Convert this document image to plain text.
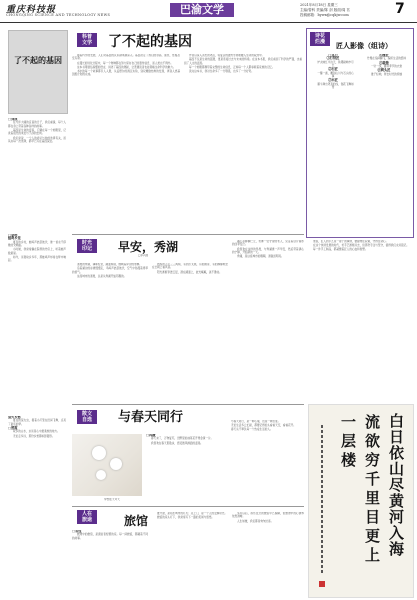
重庆科技报
CHONGQING SCIENCE AND TECHNOLOGY NEWS	巴渝文学	2021年8月18日 星期三
主编/曾科 责编/陈 剑 版面/周 茗
投稿邮箱：bywx@cqkjw.com	7
了不起的基因
□刘成

在与伴大嗓的宜昌的日子，我们重逢，每个人都在身上带着各种各样的故事。

基因是生命的密码，它藏在每一个细胞里，记录着祖先的来处与子孙的去向。

我们常说，一个人的命运与他的选择有关，而其实每一次选择，都早已写在基因深处。

科普
文学	了不起的基因

随着科学的发展，人们对基因的认识越来越深入。基因决定了我们的身高、肤色、性格甚至寿命。

在漫长的进化过程中，每一个物种都在努力保存自己的遗传信息，而人类也不例外。

这本书用通俗易懂的语言，讲述了基因的奥秘，让普通读者也能领略生命科学的魅力。

书中的每一个故事都引人入胜，从孟德尔的豌豆实验，到双螺旋结构的发现，再到人类基因组计划的完成。

作者以深入浅出的笔法，将复杂的遗传学原理融入生动的叙述中。

基因不仅是生命的蓝图，更是连接过去与未来的桥梁。在这本书里，我们看到了科学的严谨，也看到了人文的温度。

每一个细胞都携带着完整的生命信息，正如每一个人都承载着家族的记忆。

读完这本书，我对生命多了一分敬畏，也多了一分好奇。

诗花
烂漫	匠人影像（组诗）
□邓力
①打铁匠

炉火映红半边天，铁锤敲响岁月长

②石匠

一錾一凿，雕刻山川与石头的心事

③木匠

墨斗弹出笔直的线，刨花飞舞如雪

④篾匠

竹篾在指间翻飞，编织生活的经纬

⑤裁缝

一针一线，缝补季节的衣裳

⑥剃头匠

推子轻响，剪去时光的烦恼

时光
印记	早安，秀湖
□李兴国

清晨的秀湖，薄雾轻笼，湖面如镜，倒映着岸边的垂柳。

沿着湖边的步道慢慢走，鸟鸣声此起彼伏，空气中弥漫着青草的香气。

这座城市的清晨，总是从秀湖开始苏醒的。

晨练的人们三三两两，有的打太极，有的跑步，有的静静地坐在长椅上看风景。

阳光渐渐穿透云层，洒在湖面上，波光粼粼，美不胜收。

湖心亭静静伫立，仿佛一位守望的老人，见证着这片湖水的四季变迁。

我喜欢在这样的早晨，与秀湖道一声早安，然后带着满心的宁静，开始新的一天。

秀湖，是这座城市的眼睛，清澈而明亮。

□李珂
蛙鸣乡里

夏夜的乡村，蛙鸣声此起彼伏，像一首永不停歇的交响曲。

小时候，我常常躺在院坝的竹床上，听着蛙声数星星。

如今，远离故乡多年，那蛙鸣声却常在梦中响起。

他说，匠人的手艺是一辈子的事情，要耐得住寂寞，守得住初心。

在这个快速发展的时代，老手艺渐渐远去，但那份专注与坚守，值得我们永远铭记。

每一件手工制品，都凝聚着匠人的心血和智慧。

散文
自选	与春天同行
梦想在天穹天
□冉薇

春天来了，万物复苏，田野里的油菜花开得金黄一片。

我喜欢在春天里散步，感受微风拂面的温柔。

与春天同行，是一种心境，也是一种态度。

无论生活多么忙碌，都要记得抬头看看天空，看看花开。

春天从不辜负每一个热爱生活的人。

人在
旅途	旅馆
□邓钰

旅途中的旅馆，是漂泊者短暂的家。每一间旅馆，都藏着不同的故事。

推开窗，是陌生城市的灯火；关上门，是一个人的安静时光。

旅馆的床头灯下，我常常写下一路的见闻与感悟。

多年以后，那些住过的旅馆早已模糊，但旅途中的心情却依然清晰。

人生如旅，我们都是匆匆过客。

萤火乡愁

夏夜的萤火虫，提着小灯笼在田间飞舞，点亮了童年的梦。

□曾霞

故乡的山水，永远是心中最柔软的地方。

无论走多远，那份乡愁都如影随形。

白日依山尽黄河入海
流欲穷千里目更上
一层楼
